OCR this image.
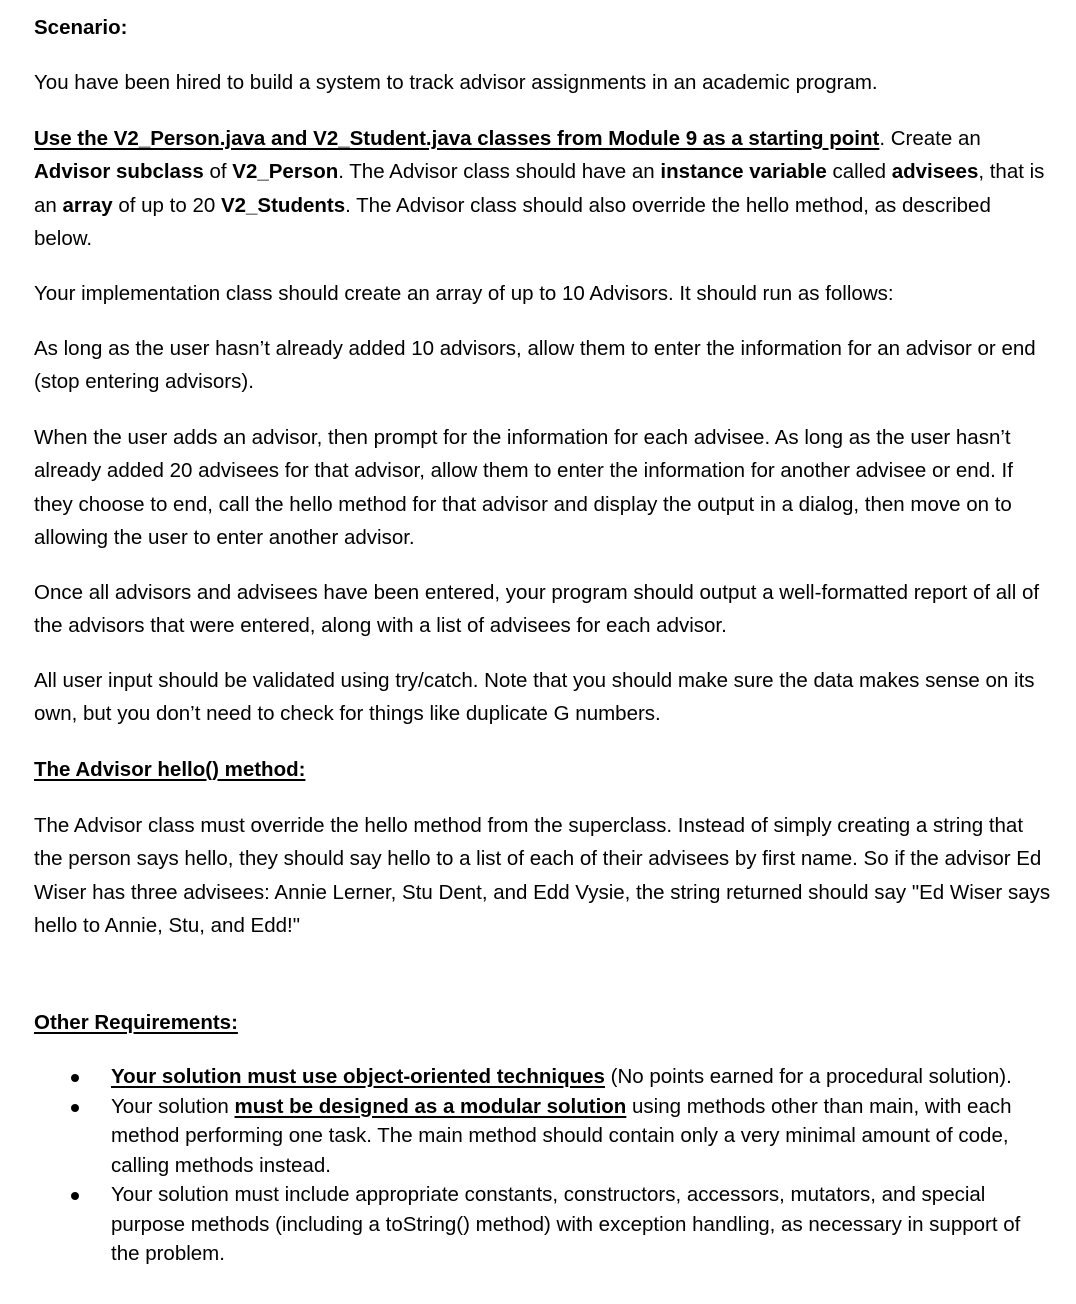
Scenario:

You have been hired to build a system to track advisor assignments in an academic program.

Use the V2_Person.java and V2_Student.java classes from Module 9 as a starting point. Create an Advisor subclass of V2_Person. The Advisor class should have an instance variable called advisees, that is an array of up to 20 V2_Students. The Advisor class should also override the hello method, as described below.

Your implementation class should create an array of up to 10 Advisors. It should run as follows:

As long as the user hasn’t already added 10 advisors, allow them to enter the information for an advisor or end (stop entering advisors).

When the user adds an advisor, then prompt for the information for each advisee. As long as the user hasn’t already added 20 advisees for that advisor, allow them to enter the information for another advisee or end. If they choose to end, call the hello method for that advisor and display the output in a dialog, then move on to allowing the user to enter another advisor.

Once all advisors and advisees have been entered, your program should output a well-formatted report of all of the advisors that were entered, along with a list of advisees for each advisor.

All user input should be validated using try/catch. Note that you should make sure the data makes sense on its own, but you don’t need to check for things like duplicate G numbers.

The Advisor hello() method:

The Advisor class must override the hello method from the superclass. Instead of simply creating a string that the person says hello, they should say hello to a list of each of their advisees by first name. So if the advisor Ed Wiser has three advisees: Annie Lerner, Stu Dent, and Edd Vysie, the string returned should say "Ed Wiser says hello to Annie, Stu, and Edd!"

Other Requirements:

Your solution must use object-oriented techniques (No points earned for a procedural solution).
Your solution must be designed as a modular solution using methods other than main, with each method performing one task. The main method should contain only a very minimal amount of code, calling methods instead.
Your solution must include appropriate constants, constructors, accessors, mutators, and special purpose methods (including a toString() method) with exception handling, as necessary in support of the problem.
